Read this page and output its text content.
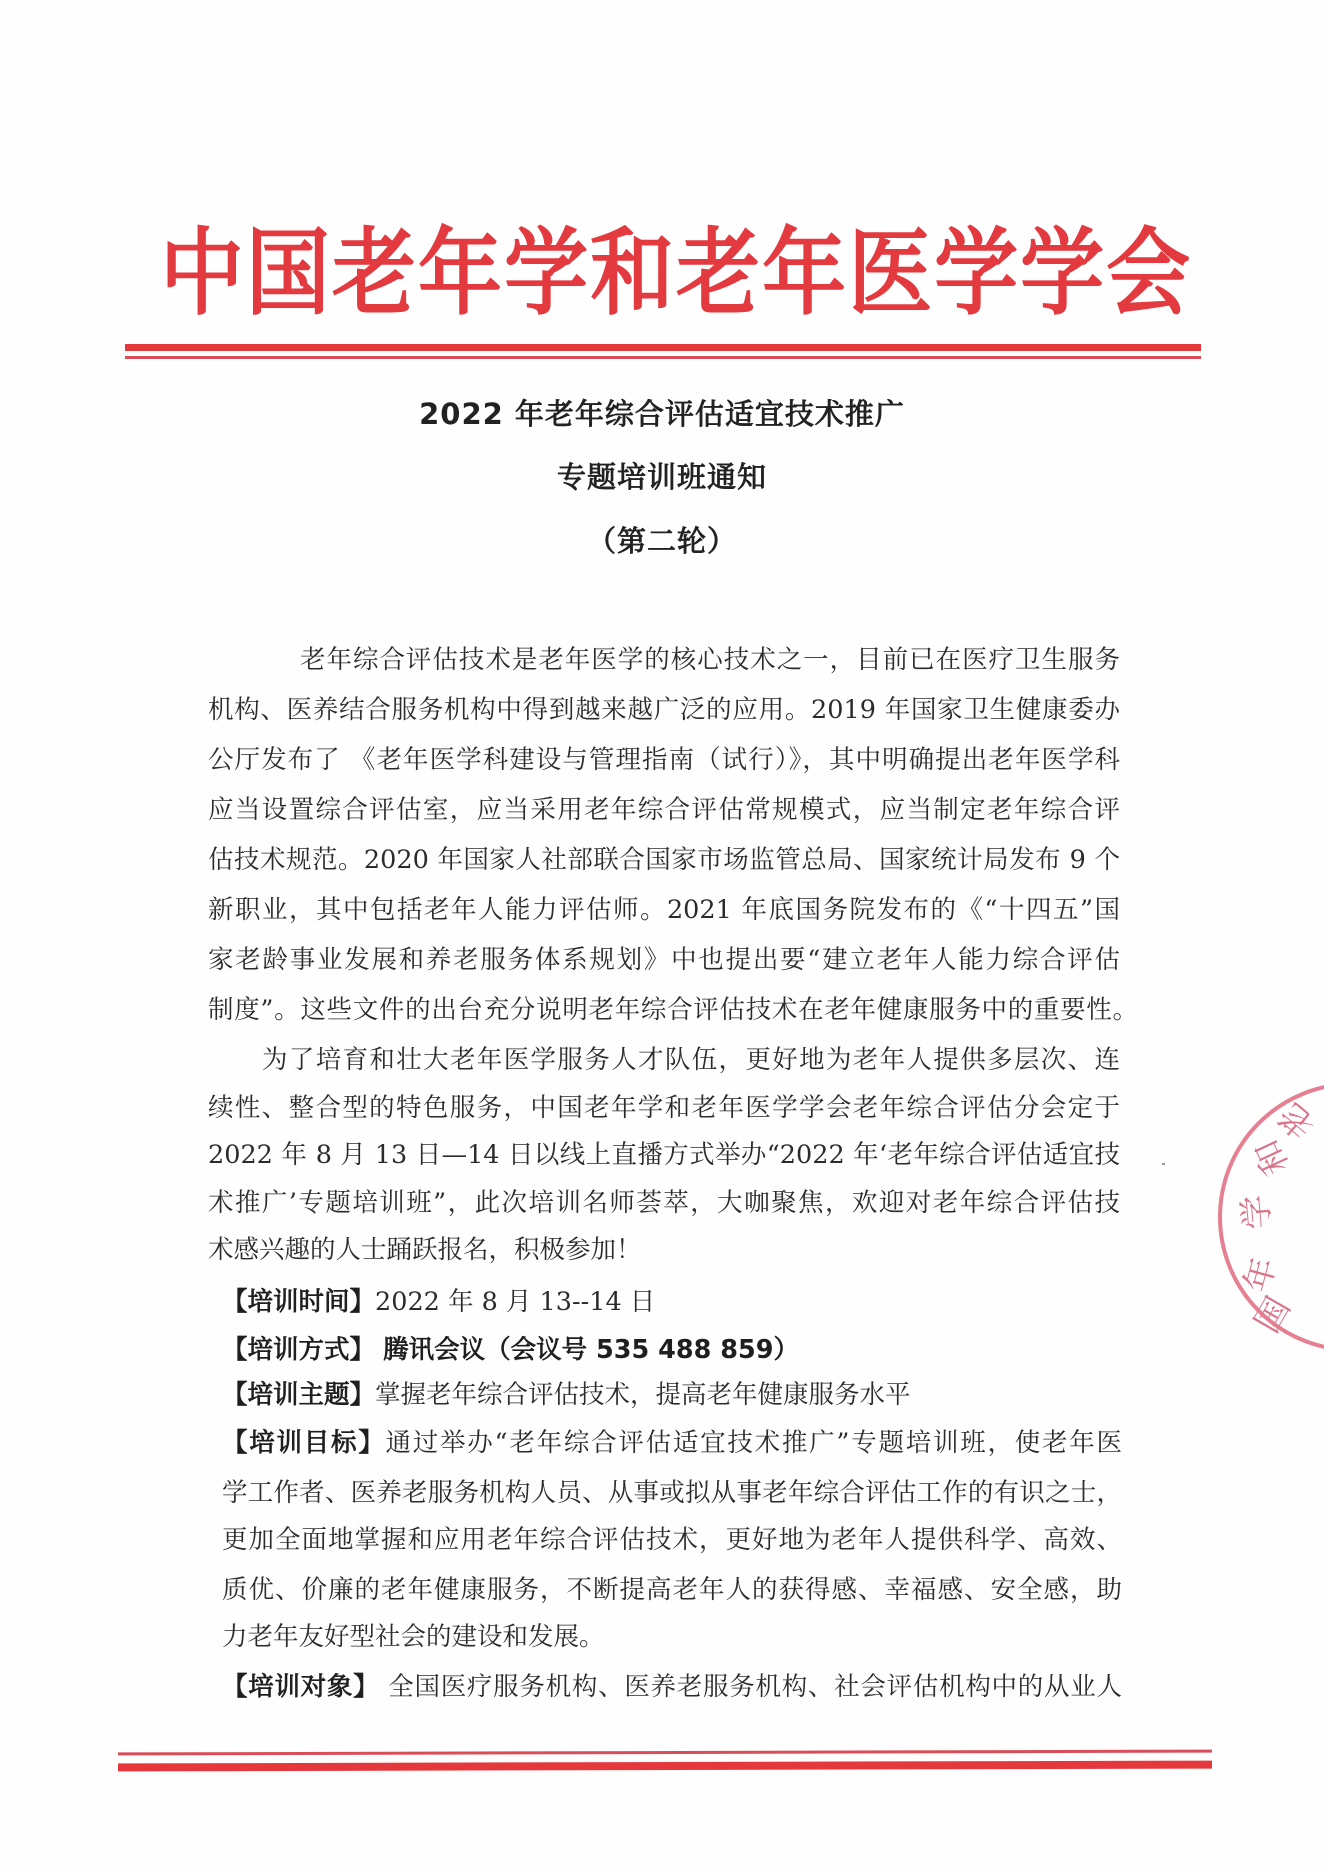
中 国 老 年 学 和 老 年 医 学 学 会
2022 年老年综合评估适宜技术推广
专题培训班通知
（第二轮）
老年综合评估技术是老年医学的核心技术之一，目前已在医疗卫生服务
机构、医养结合服务机构中得到越来越广泛的应用。2019 年国家卫生健康委办
公厅发布了 《老年医学科建设与管理指南（试行）》，其中明确提出老年医学科
应当设置综合评估室，应当采用老年综合评估常规模式，应当制定老年综合评
估技术规范。2020 年国家人社部联合国家市场监管总局、国家统计局发布 9 个
新职业，其中包括老年人能力评估师。2021 年底国务院发布的《“十四五”国
家老龄事业发展和养老服务体系规划》中也提出要“建立老年人能力综合评估
制度”。这些文件的出台充分说明老年综合评估技术在老年健康服务中的重要性。
为了培育和壮大老年医学服务人才队伍，更好地为老年人提供多层次、连
续性、整合型的特色服务，中国老年学和老年医学学会老年综合评估分会定于
2022 年 8 月 13 日—14 日以线上直播方式举办“2022 年‘老年综合评估适宜技
术推广’专题培训班”，此次培训名师荟萃，大咖聚焦，欢迎对老年综合评估技
术感兴趣的人士踊跃报名，积极参加！
【培训时间】2022 年 8 月 13--14 日
【培训方式】 腾讯会议（会议号 535 488 859）
【培训主题】掌握老年综合评估技术，提高老年健康服务水平
【培训目标】通过举办“老年综合评估适宜技术推广”专题培训班，使老年医
学工作者、医养老服务机构人员、从事或拟从事老年综合评估工作的有识之士，
更加全面地掌握和应用老年综合评估技术，更好地为老年人提供科学、高效、
质优、价廉的老年健康服务，不断提高老年人的获得感、幸福感、安全感，助
力老年友好型社会的建设和发展。
【培训对象】 全国医疗服务机构、医养老服务机构、社会评估机构中的从业人
国
年
学
和
老
